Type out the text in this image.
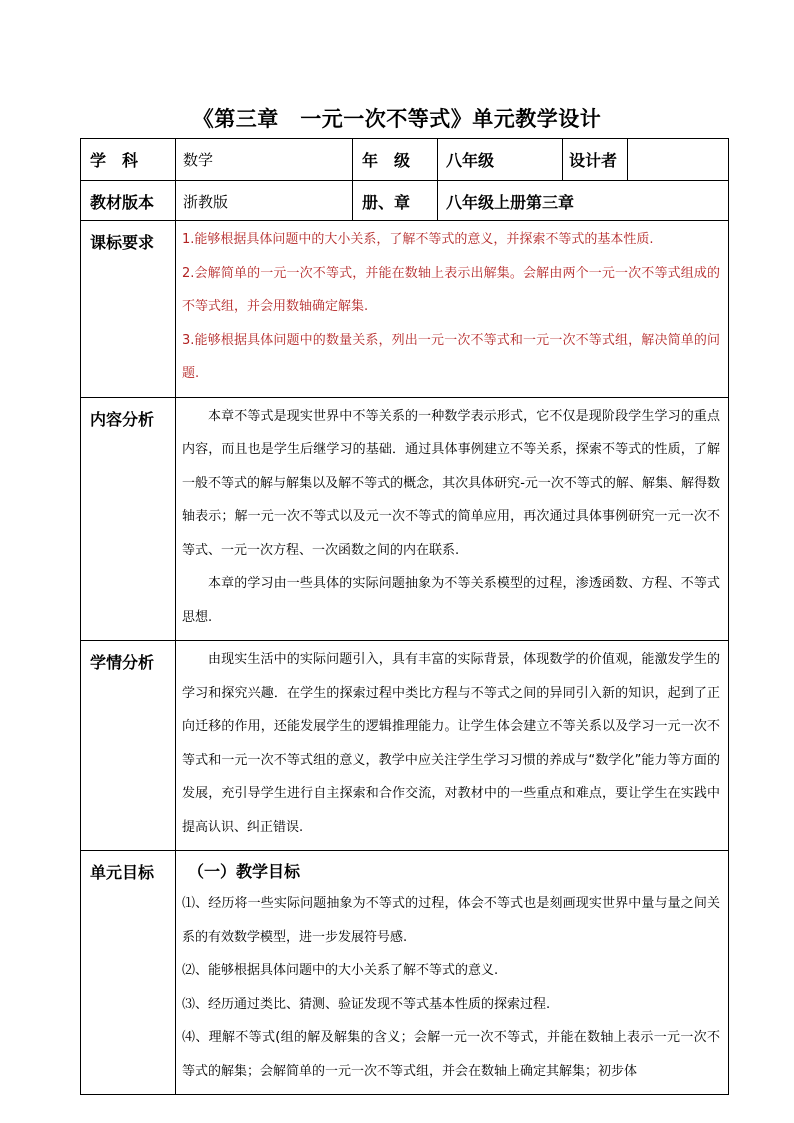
《第三章　一元一次不等式》单元教学设计
学　科	数学	年　级	八年级	设计者	
教材版本	浙教版	册、章	八年级上册第三章		
课标要求	1.能够根据具体问题中的大小关系，了解不等式的意义，并探索不等式的基本性质.

2.会解简单的一元一次不等式，并能在数轴上表示出解集。会解由两个一元一次不等式组成的不等式组，并会用数轴确定解集.

3.能够根据具体问题中的数量关系，列出一元一次不等式和一元一次不等式组，解决简单的问题.				

内容分析	本章不等式是现实世界中不等关系的一种数学表示形式，它不仅是现阶段学生学习的重点内容，而且也是学生后继学习的基础．通过具体事例建立不等关系，探索不等式的性质，了解一般不等式的解与解集以及解不等式的概念，其次具体研究-元一次不等式的解、解集、解得数轴表示；解一元一次不等式以及元一次不等式的简单应用，再次通过具体事例研究一元一次不等式、一元一次方程、一次函数之间的内在联系.

本章的学习由一些具体的实际问题抽象为不等关系模型的过程，渗透函数、方程、不等式思想.				

学情分析	由现实生活中的实际问题引入，具有丰富的实际背景，体现数学的价值观，能激发学生的学习和探究兴趣．在学生的探索过程中类比方程与不等式之间的异同引入新的知识，起到了正向迁移的作用，还能发展学生的逻辑推理能力。让学生体会建立不等关系以及学习一元一次不等式和一元一次不等式组的意义，教学中应关注学生学习习惯的养成与“数学化”能力等方面的发展，充引导学生进行自主探索和合作交流，对教材中的一些重点和难点，要让学生在实践中提高认识、纠正错误.				

单元目标	（一）教学目标

⑴、经历将一些实际问题抽象为不等式的过程，体会不等式也是刻画现实世界中量与量之间关系的有效数学模型，进一步发展符号感.

⑵、能够根据具体问题中的大小关系了解不等式的意义.

⑶、经历通过类比、猜测、验证发现不等式基本性质的探索过程.

⑷、理解不等式(组的解及解集的含义；会解一元一次不等式，并能在数轴上表示一元一次不等式的解集；会解简单的一元一次不等式组，并会在数轴上确定其解集；初步体				
